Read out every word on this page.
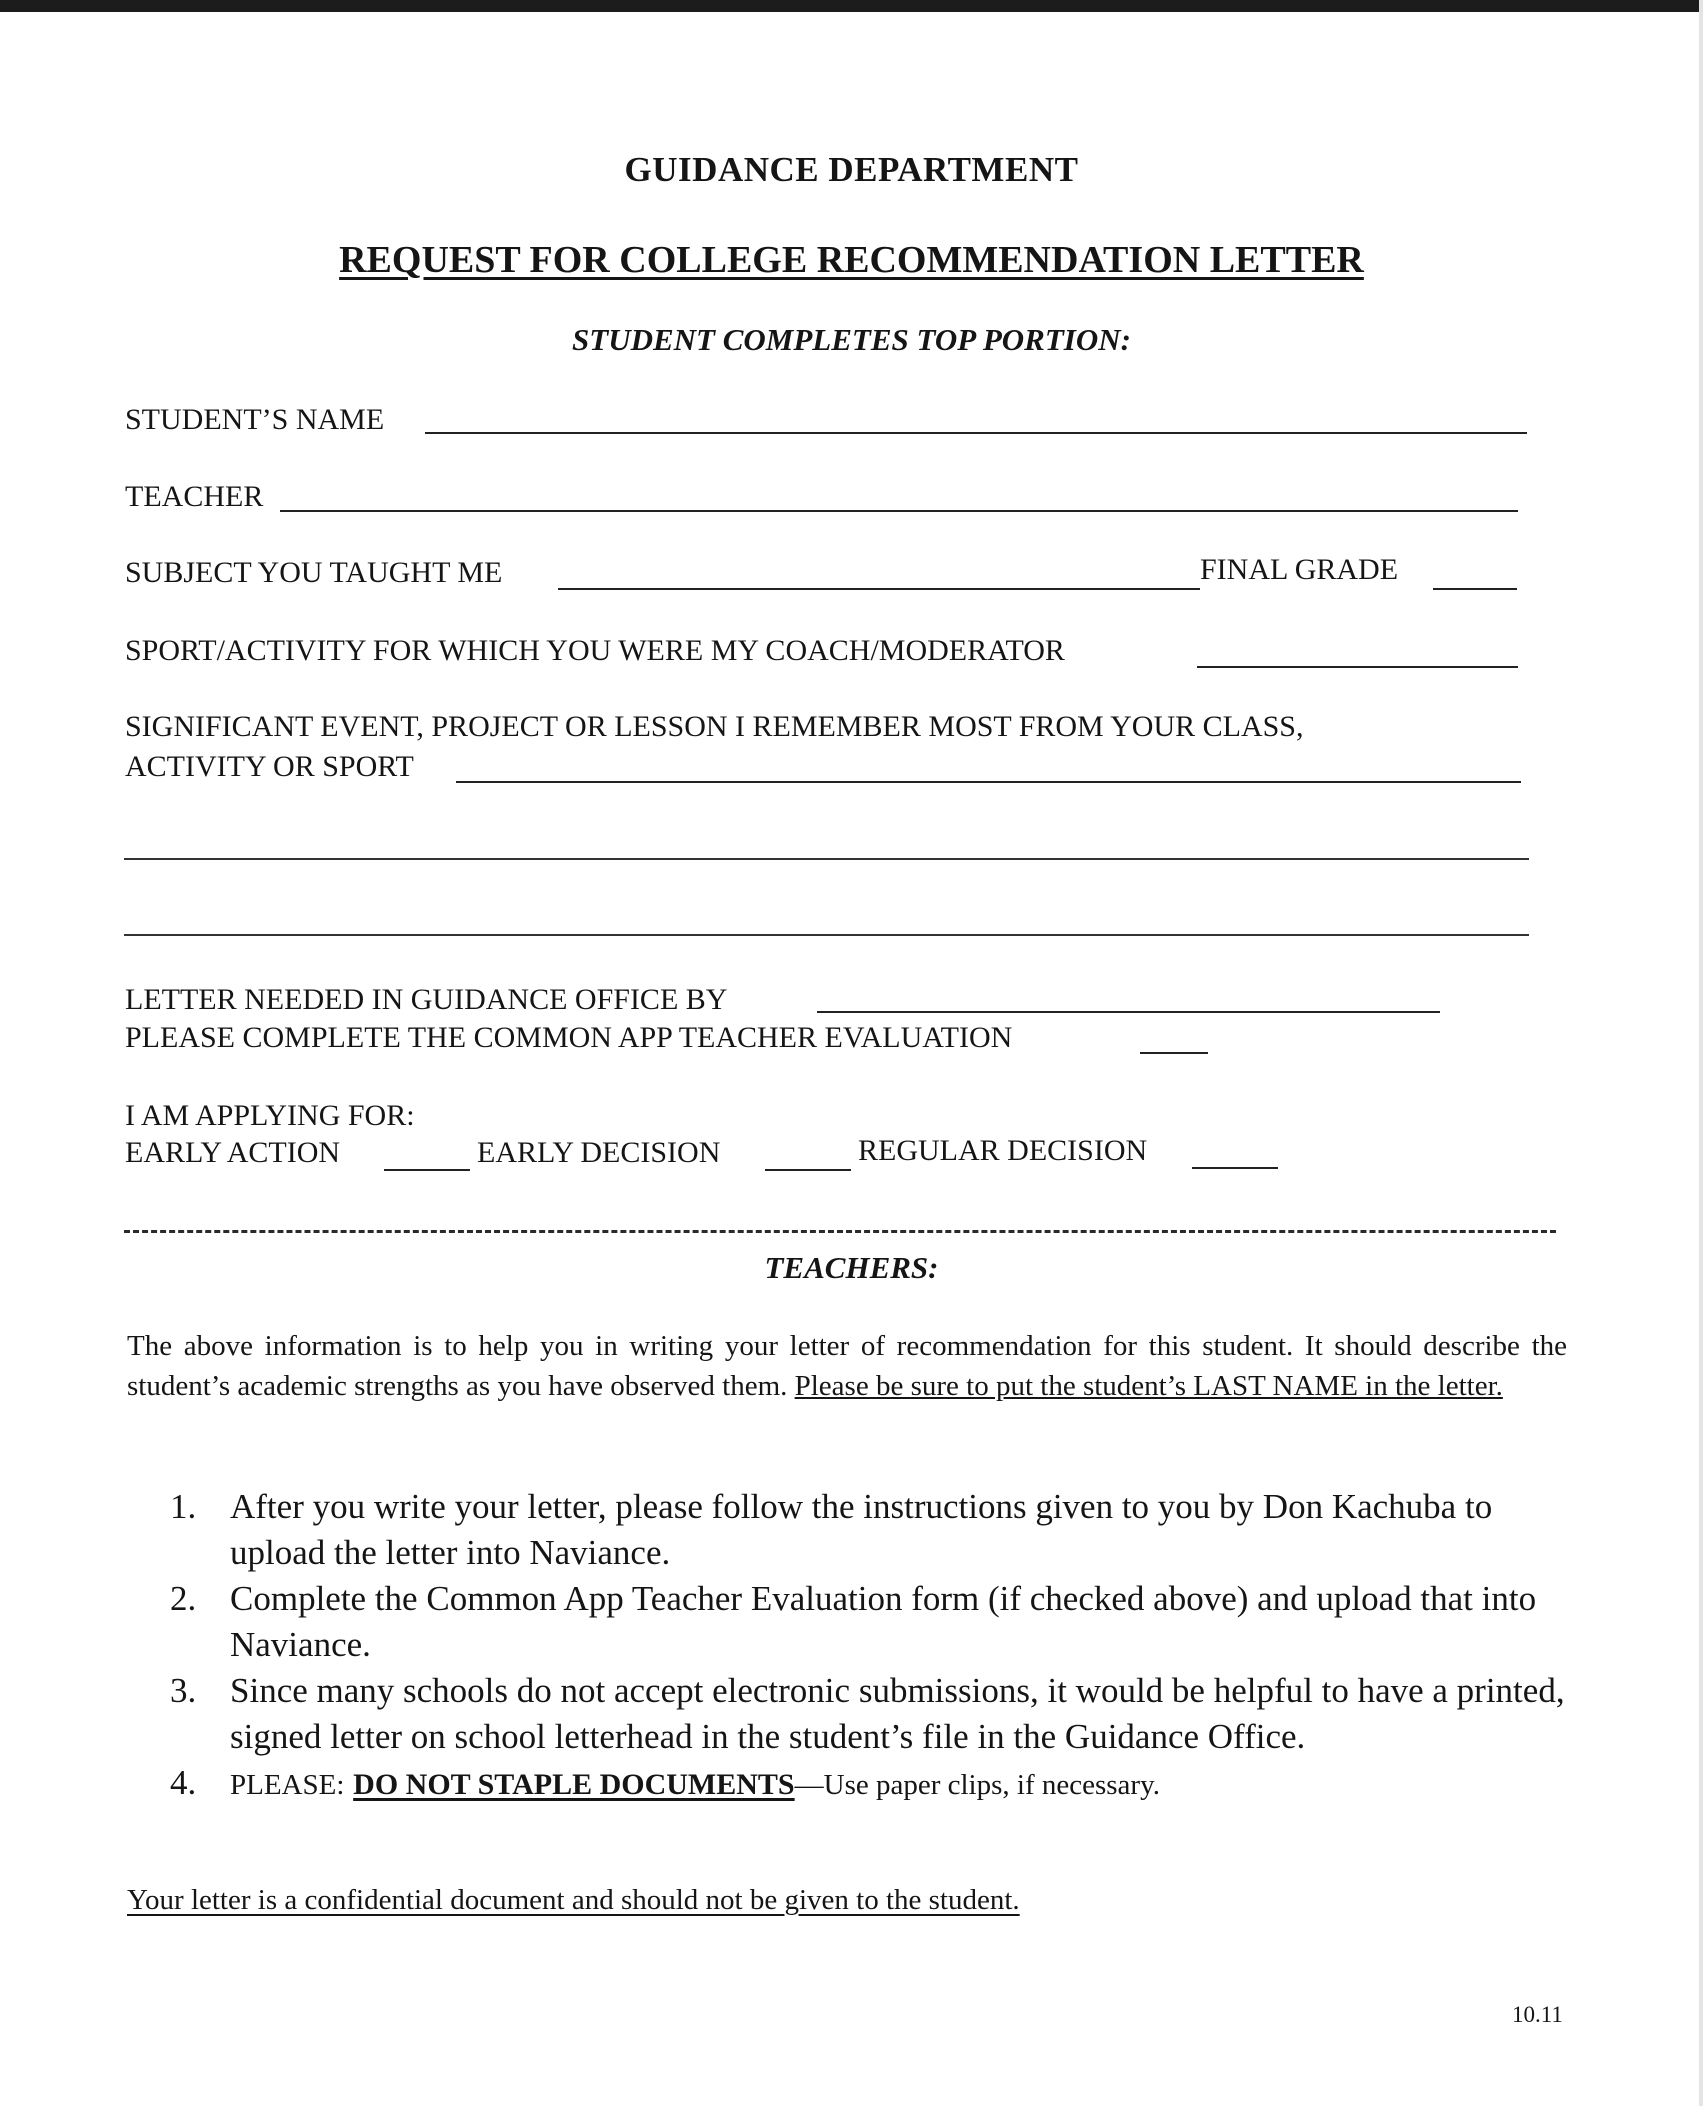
GUIDANCE DEPARTMENT
REQUEST FOR COLLEGE RECOMMENDATION LETTER
STUDENT COMPLETES TOP PORTION:
STUDENT’S NAME
TEACHER
SUBJECT YOU TAUGHT ME	FINAL GRADE
SPORT/ACTIVITY FOR WHICH YOU WERE MY COACH/MODERATOR
SIGNIFICANT EVENT, PROJECT OR LESSON I REMEMBER MOST FROM YOUR CLASS,
ACTIVITY OR SPORT
LETTER NEEDED IN GUIDANCE OFFICE BY
PLEASE COMPLETE THE COMMON APP TEACHER EVALUATION
I AM APPLYING FOR:
EARLY ACTION	EARLY DECISION	REGULAR DECISION
TEACHERS:
The above information is to help you in writing your letter of recommendation for this student. It should describe the student’s academic strengths as you have observed them. Please be sure to put the student’s LAST NAME in the letter.
1. After you write your letter, please follow the instructions given to you by Don Kachuba to upload the letter into Naviance.
2. Complete the Common App Teacher Evaluation form (if checked above) and upload that into Naviance.
3. Since many schools do not accept electronic submissions, it would be helpful to have a printed, signed letter on school letterhead in the student’s file in the Guidance Office.
4.	PLEASE: DO NOT STAPLE DOCUMENTS—Use paper clips, if necessary.
Your letter is a confidential document and should not be given to the student.
10.11
